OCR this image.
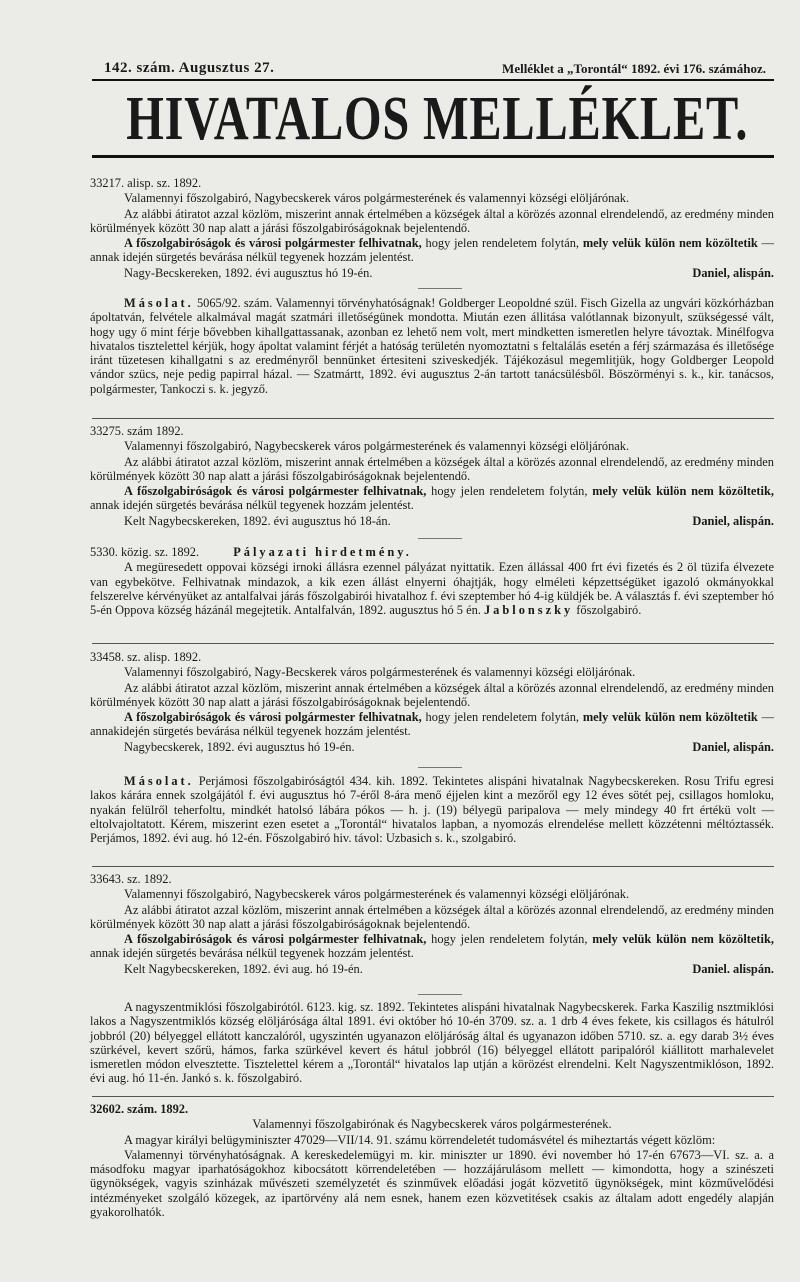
142. szám. Augusztus 27.	Melléklet a „Torontál“ 1892. évi 176. számához.
HIVATALOS MELLÉKLET.

33217. alisp. sz. 1892.

Valamennyi főszolgabiró, Nagybecskerek város polgármesterének és valamennyi községi elöljárónak.

Az alábbi átiratot azzal közlöm, miszerint annak értelmében a községek által a körözés azonnal elrendelendő, az eredmény minden körülmények között 30 nap alatt a járási főszolgabiróságoknak bejelentendő.

A főszolgabiróságok és városi polgármester felhivatnak, hogy jelen rendeletem folytán, mely velük külön nem közöltetik — annak idején sürgetés bevárása nélkül tegyenek hozzám jelentést.

Nagy-Becskereken, 1892. évi augusztus hó 19-én.	Daniel, alispán.

Másolat. 5065/92. szám. Valamennyi törvényhatóságnak! Goldberger Leopoldné szül. Fisch Gizella az ungvári közkórházban ápoltatván, felvétele alkalmával magát szatmári illetőségünek mondotta. Miután ezen állitása valótlannak bizonyult, szükségessé vált, hogy ugy ő mint férje bővebben kihallgattassanak, azonban ez lehető nem volt, mert mindketten ismeretlen helyre távoztak. Minélfogva hivatalos tisztelettel kérjük, hogy ápoltat valamint férjét a hatóság területén nyomoztatni s feltalálás esetén a férj származása és illetősége iránt tüzetesen kihallgatni s az eredményről bennünket értesiteni sziveskedjék. Tájékozásul megemlitjük, hogy Goldberger Leopold vándor szücs, neje pedig papirral házal. — Szatmártt, 1892. évi augusztus 2-án tartott tanácsülésből. Böszörményi s. k., kir. tanácsos, polgármester, Tankoczi s. k. jegyző.

33275. szám 1892.

Valamennyi főszolgabiró, Nagybecskerek város polgármesterének és valamennyi községi elöljárónak.

Az alábbi átiratot azzal közlöm, miszerint annak értelmében a községek által a körözés azonnal elrendelendő, az eredmény minden körülmények között 30 nap alatt a járási főszolgabiróságoknak bejelentendő.

A főszolgabiróságok és városi polgármester felhivatnak, hogy jelen rendeletem folytán, mely velük külön nem közöltetik, annak idején sürgetés bevárása nélkül tegyenek hozzám jelentést.

Kelt Nagybecskereken, 1892. évi augusztus hó 18-án.	Daniel, alispán.

5330. közig. sz. 1892.	Pályazati hirdetmény.

A megüresedett oppovai községi irnoki állásra ezennel pályázat nyittatik. Ezen állással 400 frt évi fizetés és 2 öl tüzifa élvezete van egybekötve. Felhivatnak mindazok, a kik ezen állást elnyerni óhajtják, hogy elméleti képzettségüket igazoló okmányokkal felszerelve kérvényüket az antalfalvai járás főszolgabirói hivatalhoz f. évi szeptember hó 4-ig küldjék be. A választás f. évi szeptember hó 5-én Oppova község házánál megejtetik. Antalfalván, 1892. augusztus hó 5 én. Jablonszky főszolgabiró.

33458. sz. alisp. 1892.

Valamennyi főszolgabiró, Nagy-Becskerek város polgármesterének és valamennyi községi elöljárónak.

Az alábbi átiratot azzal közlöm, miszerint annak értelmében a községek által a körözés azonnal elrendelendő, az eredmény minden körülmények között 30 nap alatt a járási főszolgabiróságoknak bejelentendő.

A főszolgabiróságok és városi polgármester felhivatnak, hogy jelen rendeletem folytán, mely velük külön nem közöltetik — annakidején sürgetés bevárása nélkül tegyenek hozzám jelentést.

Nagybecskerek, 1892. évi augusztus hó 19-én.	Daniel, alispán.

Másolat. Perjámosi főszolgabiróságtól 434. kih. 1892. Tekintetes alispáni hivatalnak Nagybecskereken. Rosu Trifu egresi lakos kárára ennek szolgájától f. évi augusztus hó 7-éről 8-ára menő éjjelen kint a mezőről egy 12 éves sötét pej, csillagos homloku, nyakán felülről teherfoltu, mindkét hatolsó lábára pókos — h. j. (19) bélyegü paripalova — mely mindegy 40 frt értékü volt — eltolvajoltatott. Kérem, miszerint ezen esetet a „Torontál“ hivatalos lapban, a nyomozás elrendelése mellett közzétenni méltóztassék. Perjámos, 1892. évi aug. hó 12-én. Főszolgabiró hiv. távol: Uzbasich s. k., szolgabiró.

33643. sz. 1892.

Valamennyi főszolgabiró, Nagybecskerek város polgármesterének és valamennyi községi elöljárónak.

Az alábbi átiratot azzal közlöm, miszerint annak értelmében a községek által a körözés azonnal elrendelendő, az eredmény minden körülmények között 30 nap alatt a járási főszolgabiróságoknak bejelentendő.

A főszolgabiróságok és városi polgármester felhivatnak, hogy jelen rendeletem folytán, mely velük külön nem közöltetik, annak idején sürgetés bevárása nélkül tegyenek hozzám jelentést.

Kelt Nagybecskereken, 1892. évi aug. hó 19-én.	Daniel. alispán.

A nagyszentmiklósi főszolgabirótól. 6123. kig. sz. 1892. Tekintetes alispáni hivatalnak Nagybecskerek. Farka Kaszilig nsztmiklósi lakos a Nagyszentmiklós község elöljárósága által 1891. évi október hó 10-én 3709. sz. a. 1 drb 4 éves fekete, kis csillagos és hátulról jobbról (20) bélyeggel ellátott kanczalóról, ugyszintén ugyanazon elöljáróság által és ugyanazon időben 5710. sz. a. egy darab 3½ éves szürkével, kevert szőrü, hámos, farka szürkével kevert és hátul jobbról (16) bélyeggel ellátott paripalóról kiállitott marhalevelet ismeretlen módon elvesztette. Tisztelettel kérem a „Torontál“ hivatalos lap utján a körözést elrendelni. Kelt Nagyszentmiklóson, 1892. évi aug. hó 11-én. Jankó s. k. főszolgabiró.

32602. szám. 1892.

Valamennyi főszolgabirónak és Nagybecskerek város polgármesterének.

A magyar királyi belügyminiszter 47029—VII/14. 91. számu körrendeletét tudomásvétel és miheztartás végett közlöm:

Valamennyi törvényhatóságnak. A kereskedelemügyi m. kir. miniszter ur 1890. évi november hó 17-én 67673—VI. sz. a. a másodfoku magyar iparhatóságokhoz kibocsátott körrendeletében — hozzájárulásom mellett — kimondotta, hogy a szinészeti ügynökségek, vagyis szinházak művészeti személyzetét és szinművek előadási jogát közvetitő ügynökségek, mint közművelődési intézményeket szolgáló közegek, az ipartörvény alá nem esnek, hanem ezen közvetitések csakis az általam adott engedély alapján gyakorolhatók.
